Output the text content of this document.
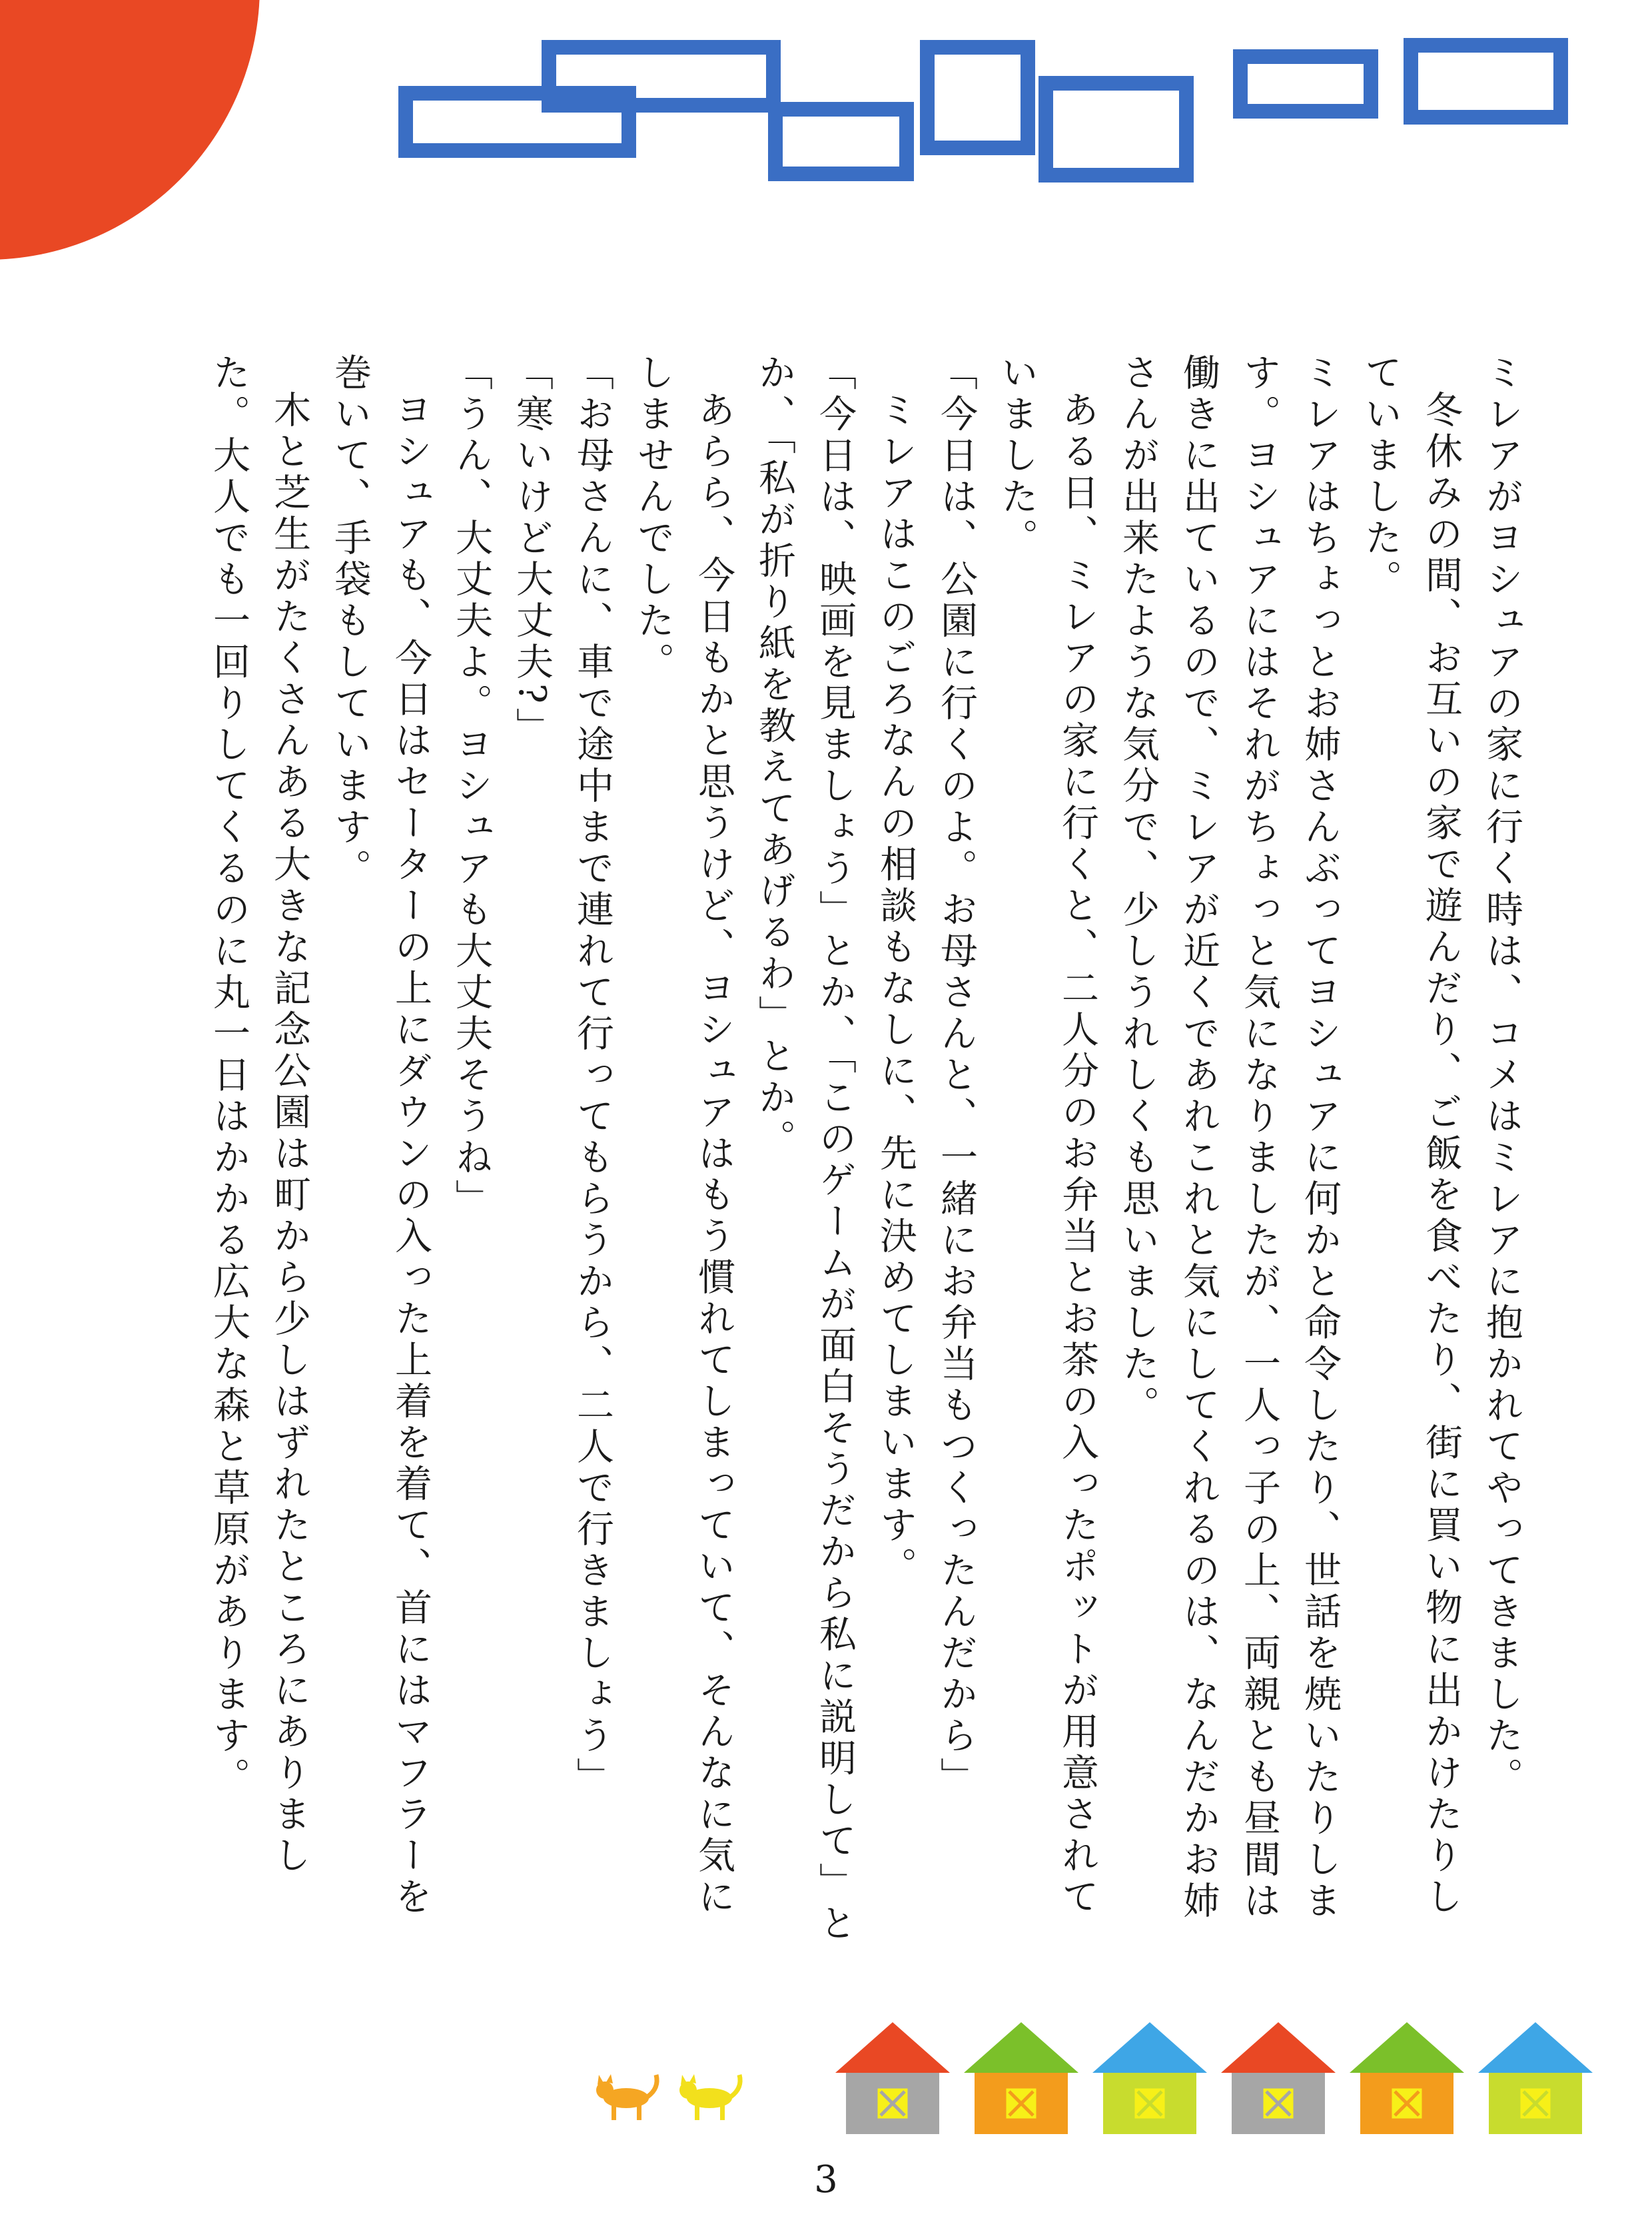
ミレアがヨシュアの家に行く時は、コメはミレアに抱かれてやってきました。

冬休みの間、お互いの家で遊んだり、ご飯を食べたり、街に買い物に出かけたりしていました。

ミレアはちょっとお姉さんぶってヨシュアに何かと命令したり、世話を焼いたりします。ヨシュアにはそれがちょっと気になりましたが、一人っ子の上、両親とも昼間は働きに出ているので、ミレアが近くであれこれと気にしてくれるのは、なんだかお姉さんが出来たような気分で、少しうれしくも思いました。

ある日、ミレアの家に行くと、二人分のお弁当とお茶の入ったポットが用意されていました。

「今日は、公園に行くのよ。お母さんと、一緒にお弁当もつくったんだから」

ミレアはこのごろなんの相談もなしに、先に決めてしまいます。

「今日は、映画を見ましょう」とか、「このゲームが面白そうだから私に説明して」とか、「私が折り紙を教えてあげるわ」とか。

あらら、今日もかと思うけど、ヨシュアはもう慣れてしまっていて、そんなに気にしませんでした。

「お母さんに、車で途中まで連れて行ってもらうから、二人で行きましょう」

「寒いけど大丈夫?」

「うん、大丈夫よ。ヨシュアも大丈夫そうね」

ヨシュアも、今日はセーターの上にダウンの入った上着を着て、首にはマフラーを巻いて、手袋もしています。

木と芝生がたくさんある大きな記念公園は町から少しはずれたところにありました。大人でも一回りしてくるのに丸一日はかかる広大な森と草原があります。

3
